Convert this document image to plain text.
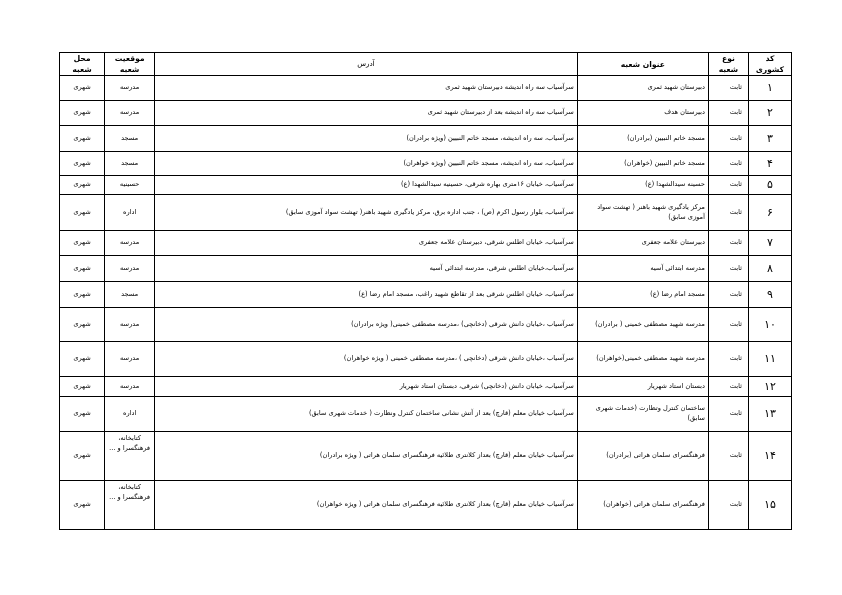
کد کشوری	نوع شعبه	عنوان شعبه	آدرس	موقعیت شعبه	محل شعبه
۱	ثابت	دبیرستان شهید ثمری	سرآسیاب سه راه اندیشه دبیرستان شهید ثمری	مدرسه	شهری
۲	ثابت	دبیرستان هدف	سرآسیاب سه راه اندیشه بعد از دبیرستان شهید ثمری	مدرسه	شهری
۳	ثابت	مسجد خاتم النبیین (برادران)	سرآسیاب، سه راه اندیشه، مسجد خاتم النبیین (ویژه برادران)	مسجد	شهری
۴	ثابت	مسجد خاتم النبیین (خواهران)	سرآسیاب، سه راه اندیشه، مسجد خاتم النبیین (ویژه خواهران)	مسجد	شهری
۵	ثابت	حسینه سیدالشهدا (ع)	سرآسیاب، خیابان ۱۶متری بهاره شرقی، حسینیه سیدالشهدا (ع)	حسینیه	شهری
۶	ثابت	مرکز یادگیری شهید باهنر ( تهشت سواد آموزی سابق)	سرآسیاب، بلوار رسول اکرم (ص) ، جنب اداره برق، مرکز یادگیری شهید باهنر( تهشت سواد آموزی سابق)	اداره	شهری
۷	ثابت	دبیرستان علامه جعفری	سرآسیاب، خیابان اطلس شرقی، دبیرستان علامه جعفری	مدرسه	شهری
۸	ثابت	مدرسه ابتدائی آسیه	سرآسیاب،خیابان اطلس شرقی، مدرسه ابتدائی آسیه	مدرسه	شهری
۹	ثابت	مسجد امام رضا (ع)	سرآسیاب، خیابان اطلس شرقی بعد از تقاطع شهید راغب، مسجد امام رضا (ع)	مسجد	شهری
۱۰	ثابت	مدرسه شهید مصطفی خمینی ( برادران)	سرآسیاب ،خیابان دانش شرقی (دخانچی) ،مدرسه مصطفی خمینی( ویژه برادران)	مدرسه	شهری
۱۱	ثابت	مدرسه شهید مصطفی خمینی(خواهران)	سرآسیاب ،خیابان دانش شرقی (دخانچی ) ،مدرسه مصطفی خمینی ( ویژه خواهران)	مدرسه	شهری
۱۲	ثابت	دبستان استاد شهریار	سرآسیاب، خیابان دانش (دخانچی) شرقی، دبستان استاد شهریار	مدرسه	شهری
۱۳	ثابت	ساختمان کنترل وتظارت (خدمات شهری سابق)	سرآسیاب خیابان معلم (قارچ) بعد از آتش نشانی ساختمان کنترل ونظارت ( خدمات شهری سابق)	اداره	شهری
۱۴	ثابت	فرهنگسرای سلمان هراتی (برادران)	سرآسیاب خیابان معلم (قارچ) بعداز کلانتری طلائیه فرهنگسرای سلمان هراتی ( ویژه برادران)	کتابخانه، فرهنگسرا و ...	شهری
۱۵	ثابت	فرهنگسرای سلمان هراتی (خواهران)	سرآسیاب خیابان معلم (قارچ) بعداز کلانتری طلائیه فرهنگسرای سلمان هراتی ( ویژه خواهران)	کتابخانه، فرهنگسرا و ...	شهری
